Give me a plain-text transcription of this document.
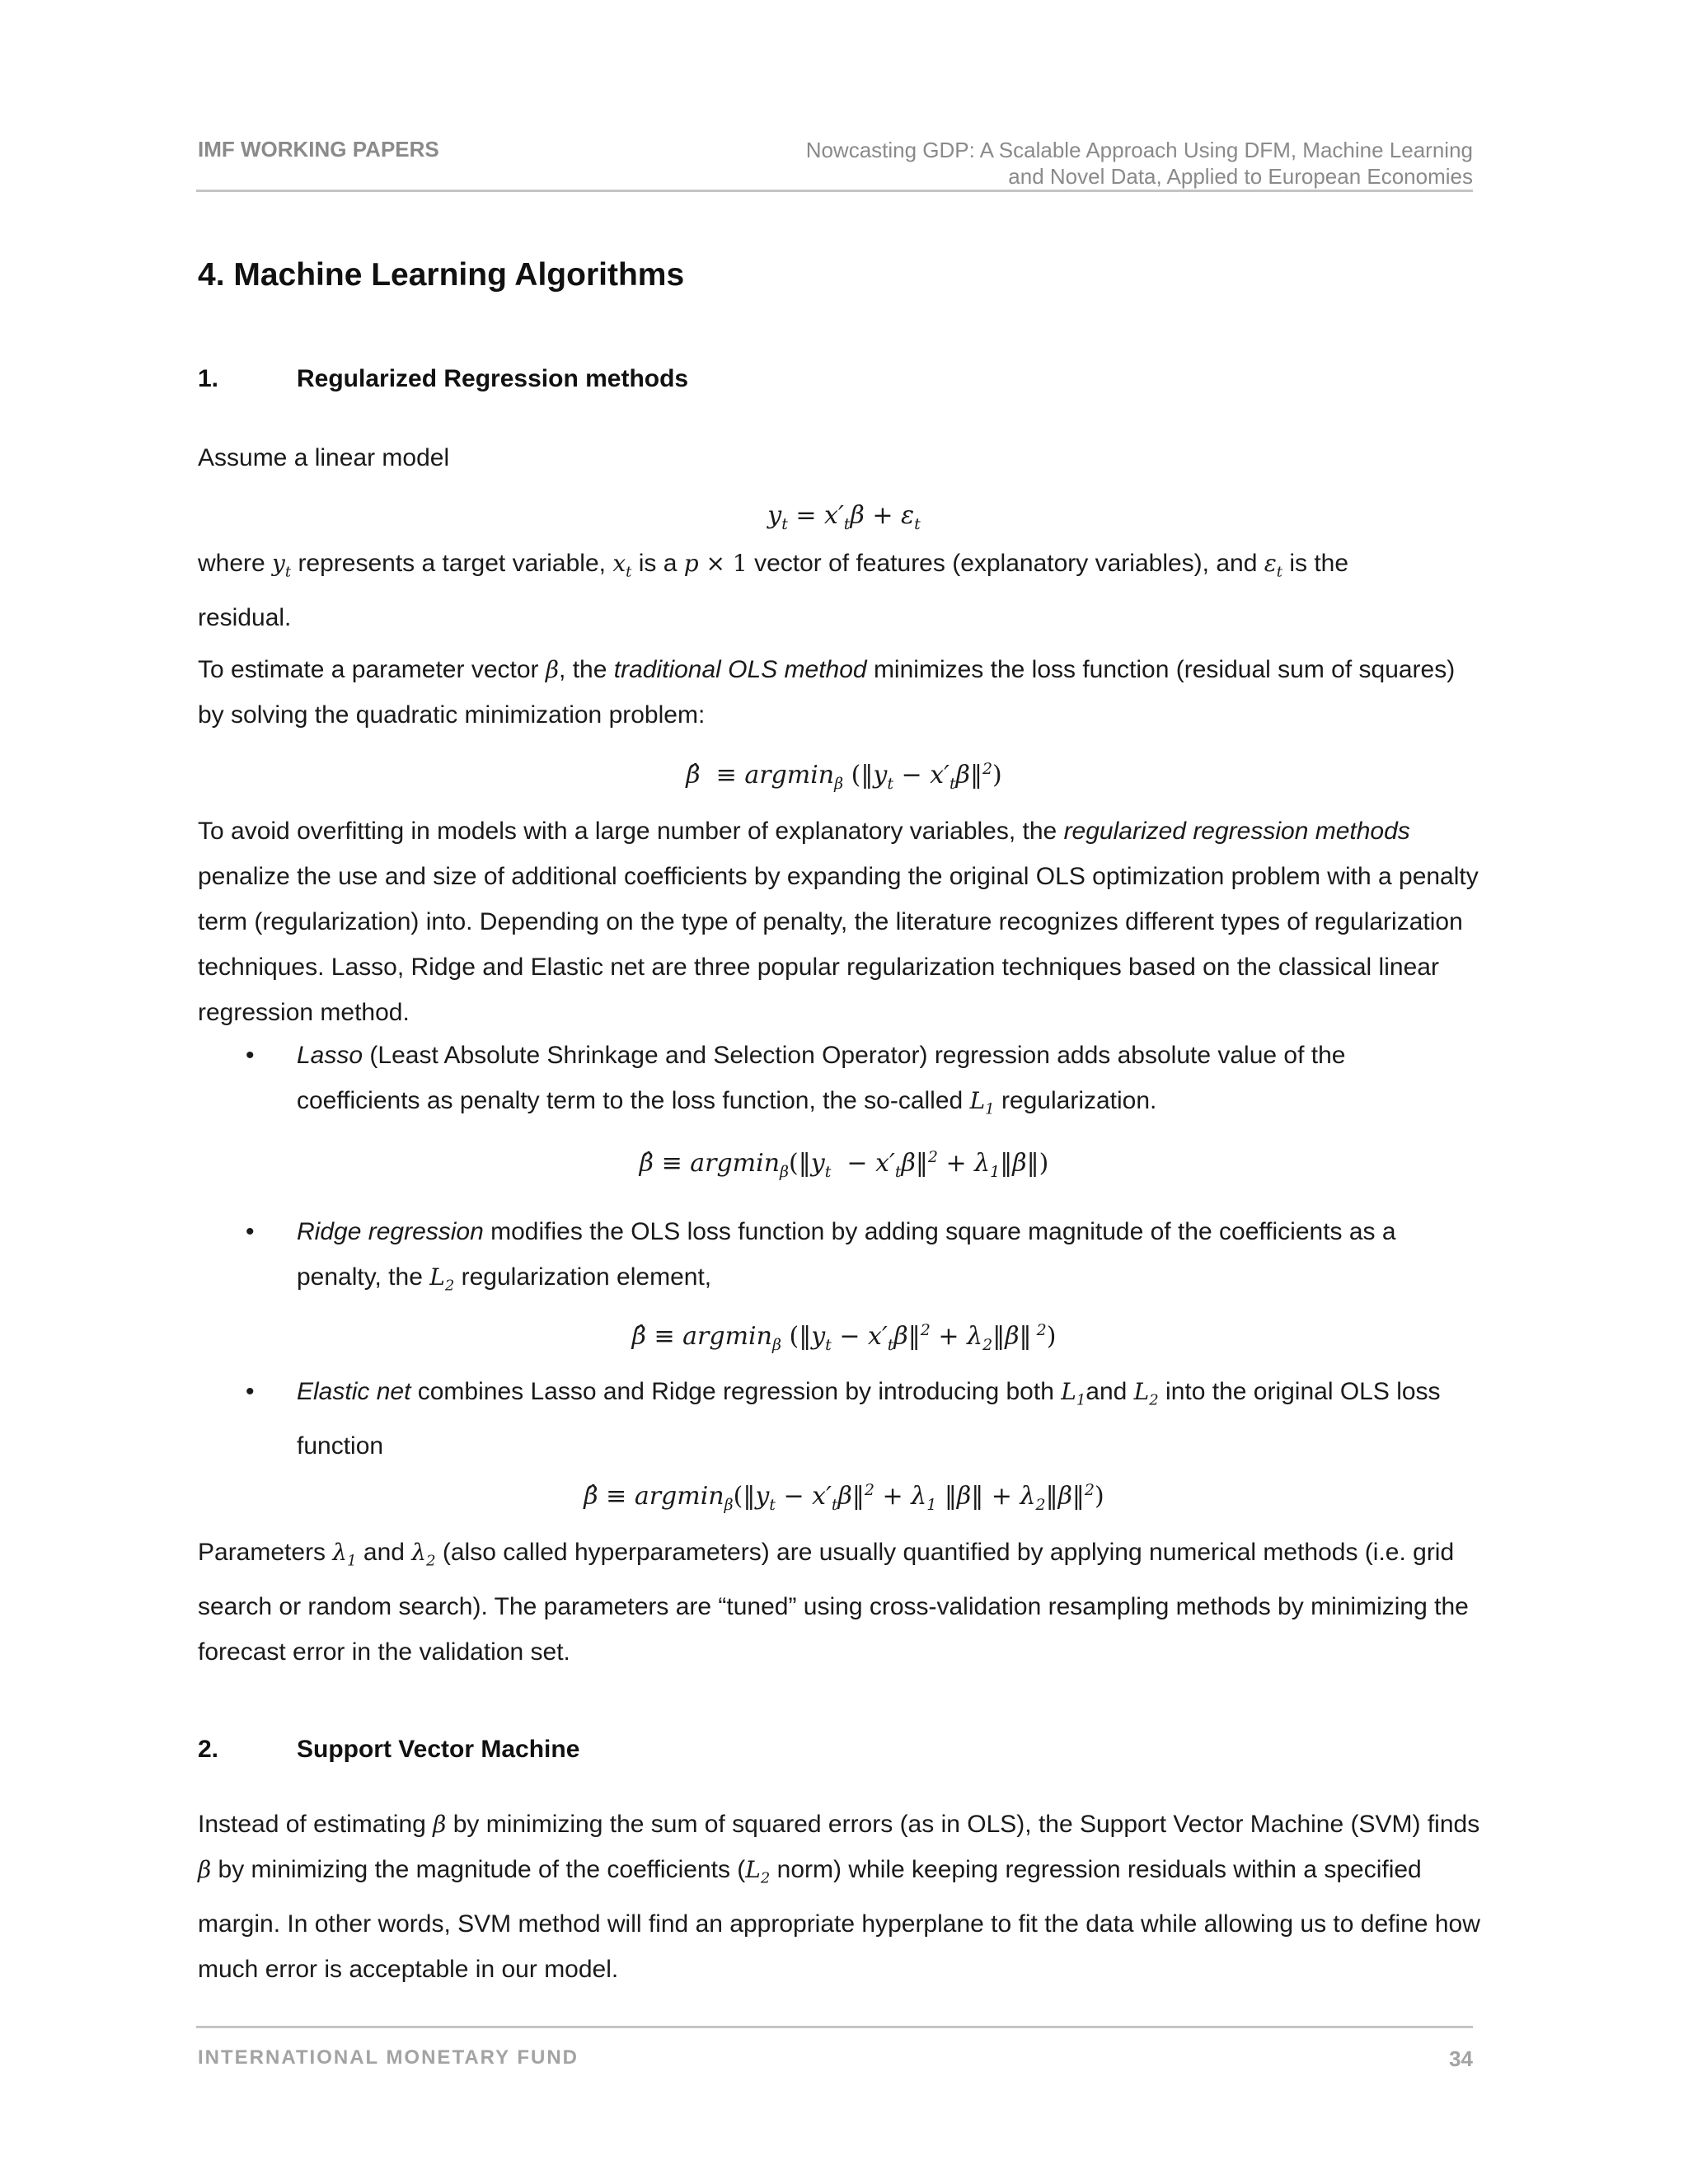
IMF WORKING PAPERS	Nowcasting GDP: A Scalable Approach Using DFM, Machine Learning
and Novel Data, Applied to European Economies
4. Machine Learning Algorithms
1.	Regularized Regression methods
Assume a linear model
$y_t = x'_t\beta + \varepsilon_t$
where $y_t$ represents a target variable, $x_t$ is a p × 1 vector of features (explanatory variables), and $\varepsilon_t$ is the
residual.
To estimate a parameter vector β, the traditional OLS method minimizes the loss function (residual sum of squares) by solving the quadratic minimization problem:
β̂  ≡ argmin$_\beta$ ($‖y_t$ − $x'_t\beta‖^2$)
To avoid overfitting in models with a large number of explanatory variables, the regularized regression methods penalize the use and size of additional coefficients by expanding the original OLS optimization problem with a penalty term (regularization) into. Depending on the type of penalty, the literature recognizes different types of regularization techniques. Lasso, Ridge and Elastic net are three popular regularization techniques based on the classical linear regression method.
• Lasso (Least Absolute Shrinkage and Selection Operator) regression adds absolute value of the coefficients as penalty term to the loss function, the so-called $L_1$ regularization.
β̂ ≡ $argmin_\beta(‖y_t$ − $x'_t\beta‖^2$ + $\lambda_1‖\beta‖$)
• Ridge regression modifies the OLS loss function by adding square magnitude of the coefficients as a penalty, the $L_2$ regularization element,
β̂ ≡ argmin$_\beta$ ($‖y_t$ − $x'_t\beta‖^2$ + $\lambda_2‖\beta‖$ $^2$)
• Elastic net combines Lasso and Ridge regression by introducing both $L_1and$ $L_2$ into the original OLS loss function
β̂ ≡ $argmin_\beta(‖y_t$ − $x'_t\beta‖^2 + \lambda_1$ ‖β‖ + $\lambda_2‖\beta‖^2$)
Parameters $\lambda_1$ and $\lambda_2$ (also called hyperparameters) are usually quantified by applying numerical methods (i.e. grid search or random search). The parameters are “tuned” using cross-validation resampling methods by minimizing the forecast error in the validation set.
2.	Support Vector Machine
Instead of estimating β by minimizing the sum of squared errors (as in OLS), the Support Vector Machine (SVM) finds β by minimizing the magnitude of the coefficients ($L_2$ norm) while keeping regression residuals within a specified margin. In other words, SVM method will find an appropriate hyperplane to fit the data while allowing us to define how much error is acceptable in our model.
INTERNATIONAL MONETARY FUND	34
